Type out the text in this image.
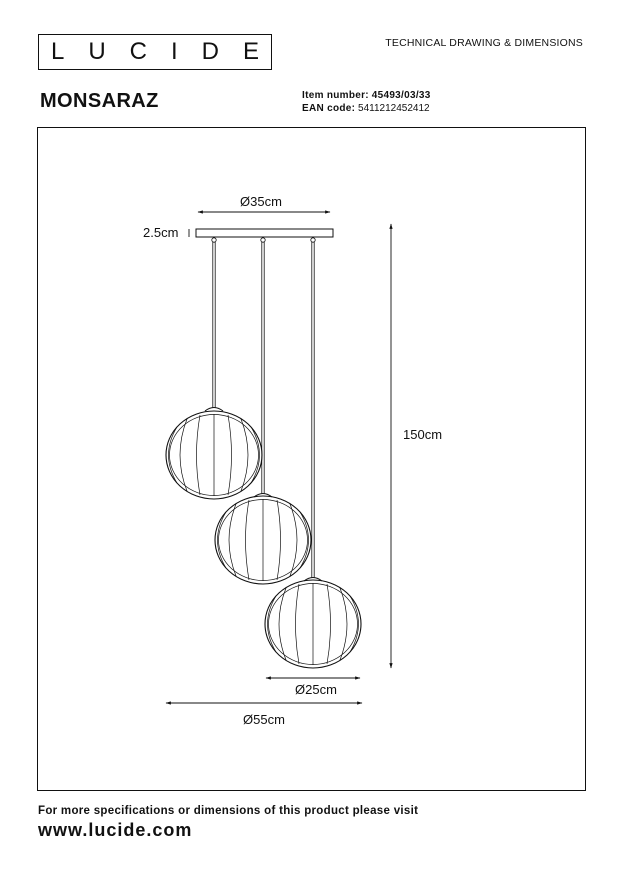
L U C I D E	TECHNICAL DRAWING & DIMENSIONS
MONSARAZ	Item number: 45493/03/33
EAN code: 5411212452412
Ø35cm
2.5cm
150cm
Ø25cm
Ø55cm
For more specifications or dimensions of this product please visit
www.lucide.com
